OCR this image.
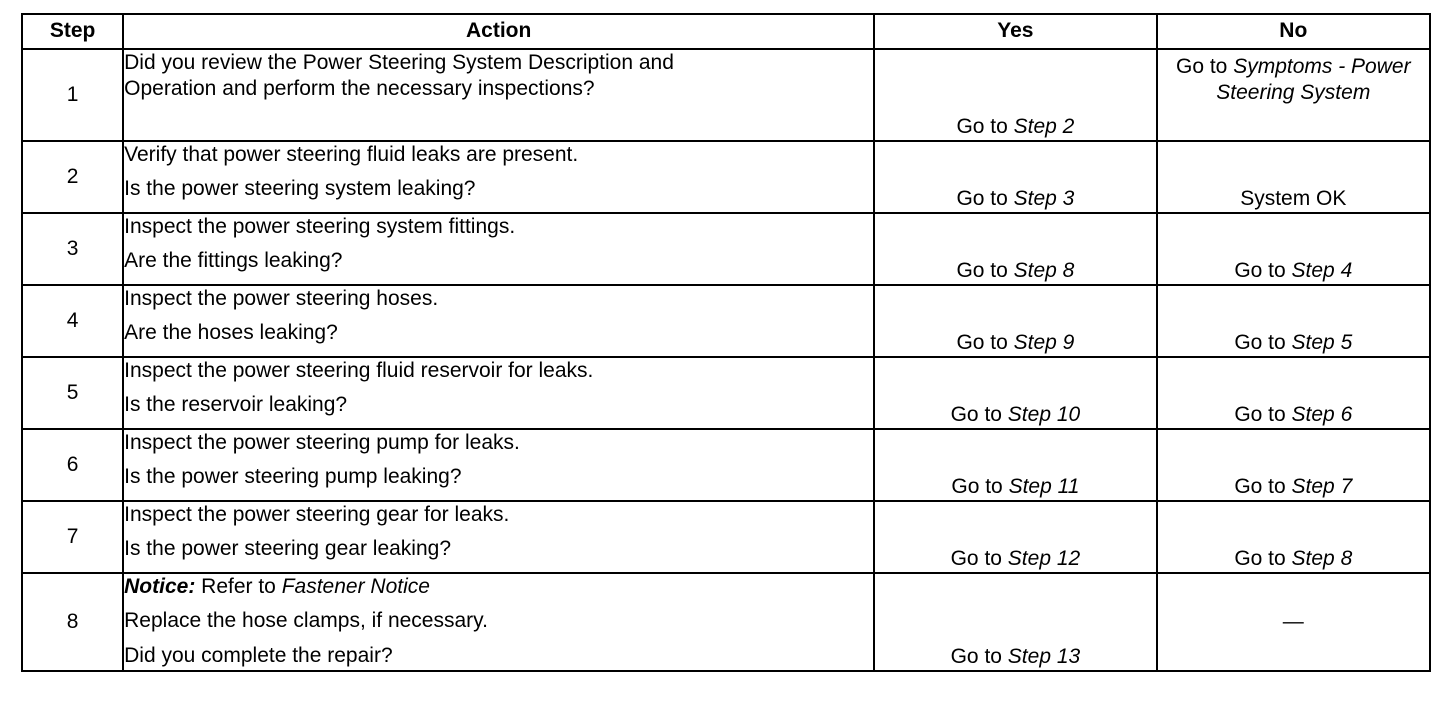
Step	Action	Yes	No
1	Did you review the Power Steering System Description and
Operation and perform the necessary inspections?	Go to Step 2	Go to Symptoms - Power Steering System
2	Verify that power steering fluid leaks are present.
Is the power steering system leaking?	Go to Step 3	System OK
3	Inspect the power steering system fittings.
Are the fittings leaking?	Go to Step 8	Go to Step 4
4	Inspect the power steering hoses.
Are the hoses leaking?	Go to Step 9	Go to Step 5
5	Inspect the power steering fluid reservoir for leaks.
Is the reservoir leaking?	Go to Step 10	Go to Step 6
6	Inspect the power steering pump for leaks.
Is the power steering pump leaking?	Go to Step 11	Go to Step 7
7	Inspect the power steering gear for leaks.
Is the power steering gear leaking?	Go to Step 12	Go to Step 8
8	Notice: Refer to Fastener Notice
Replace the hose clamps, if necessary.
Did you complete the repair?	Go to Step 13	—
